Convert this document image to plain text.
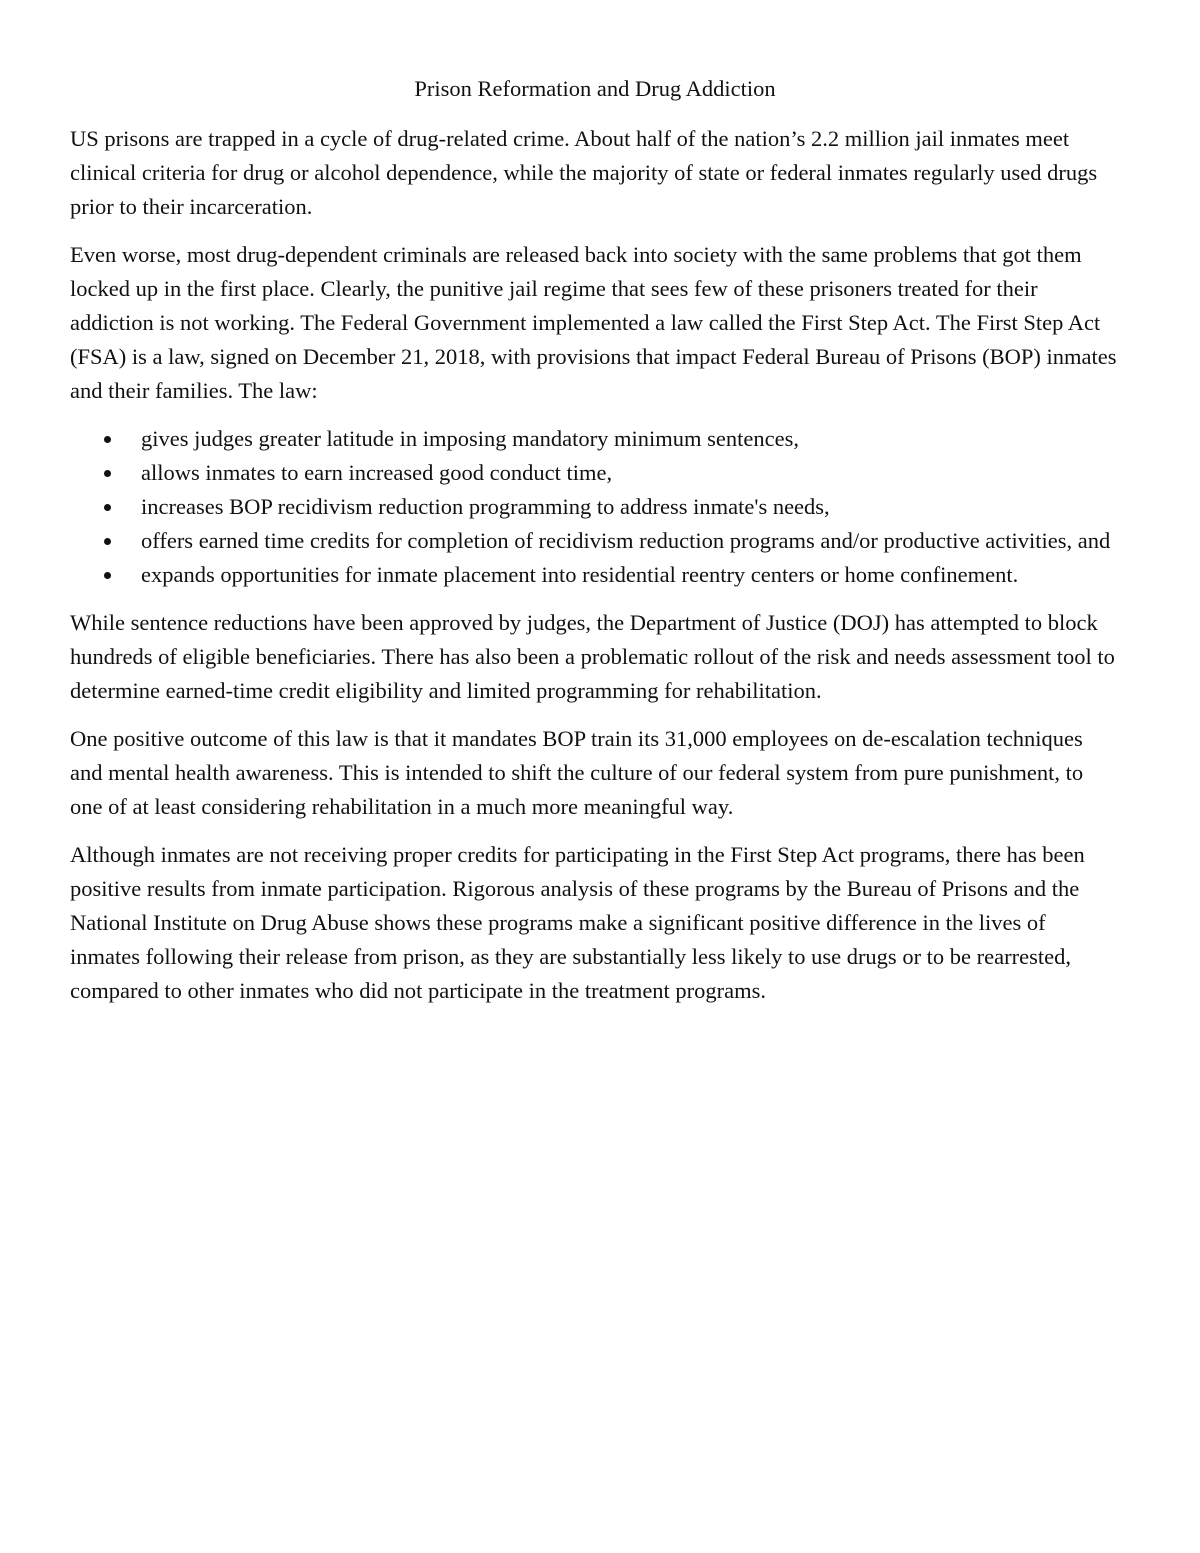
Prison Reformation and Drug Addiction

US prisons are trapped in a cycle of drug-related crime. About half of the nation’s 2.2 million jail inmates meet clinical criteria for drug or alcohol dependence, while the majority of state or federal inmates regularly used drugs prior to their incarceration.

Even worse, most drug-dependent criminals are released back into society with the same problems that got them locked up in the first place. Clearly, the punitive jail regime that sees few of these prisoners treated for their addiction is not working. The Federal Government implemented a law called the First Step Act. The First Step Act (FSA) is a law, signed on December 21, 2018, with provisions that impact Federal Bureau of Prisons (BOP) inmates and their families. The law:

gives judges greater latitude in imposing mandatory minimum sentences,
allows inmates to earn increased good conduct time,
increases BOP recidivism reduction programming to address inmate's needs,
offers earned time credits for completion of recidivism reduction programs and/or productive activities, and
expands opportunities for inmate placement into residential reentry centers or home confinement.

While sentence reductions have been approved by judges, the Department of Justice (DOJ) has attempted to block hundreds of eligible beneficiaries. There has also been a problematic rollout of the risk and needs assessment tool to determine earned-time credit eligibility and limited programming for rehabilitation.

One positive outcome of this law is that it mandates BOP train its 31,000 employees on de-escalation techniques and mental health awareness. This is intended to shift the culture of our federal system from pure punishment, to one of at least considering rehabilitation in a much more meaningful way.

Although inmates are not receiving proper credits for participating in the First Step Act programs, there has been positive results from inmate participation. Rigorous analysis of these programs by the Bureau of Prisons and the National Institute on Drug Abuse shows these programs make a significant positive difference in the lives of inmates following their release from prison, as they are substantially less likely to use drugs or to be rearrested, compared to other inmates who did not participate in the treatment programs.
